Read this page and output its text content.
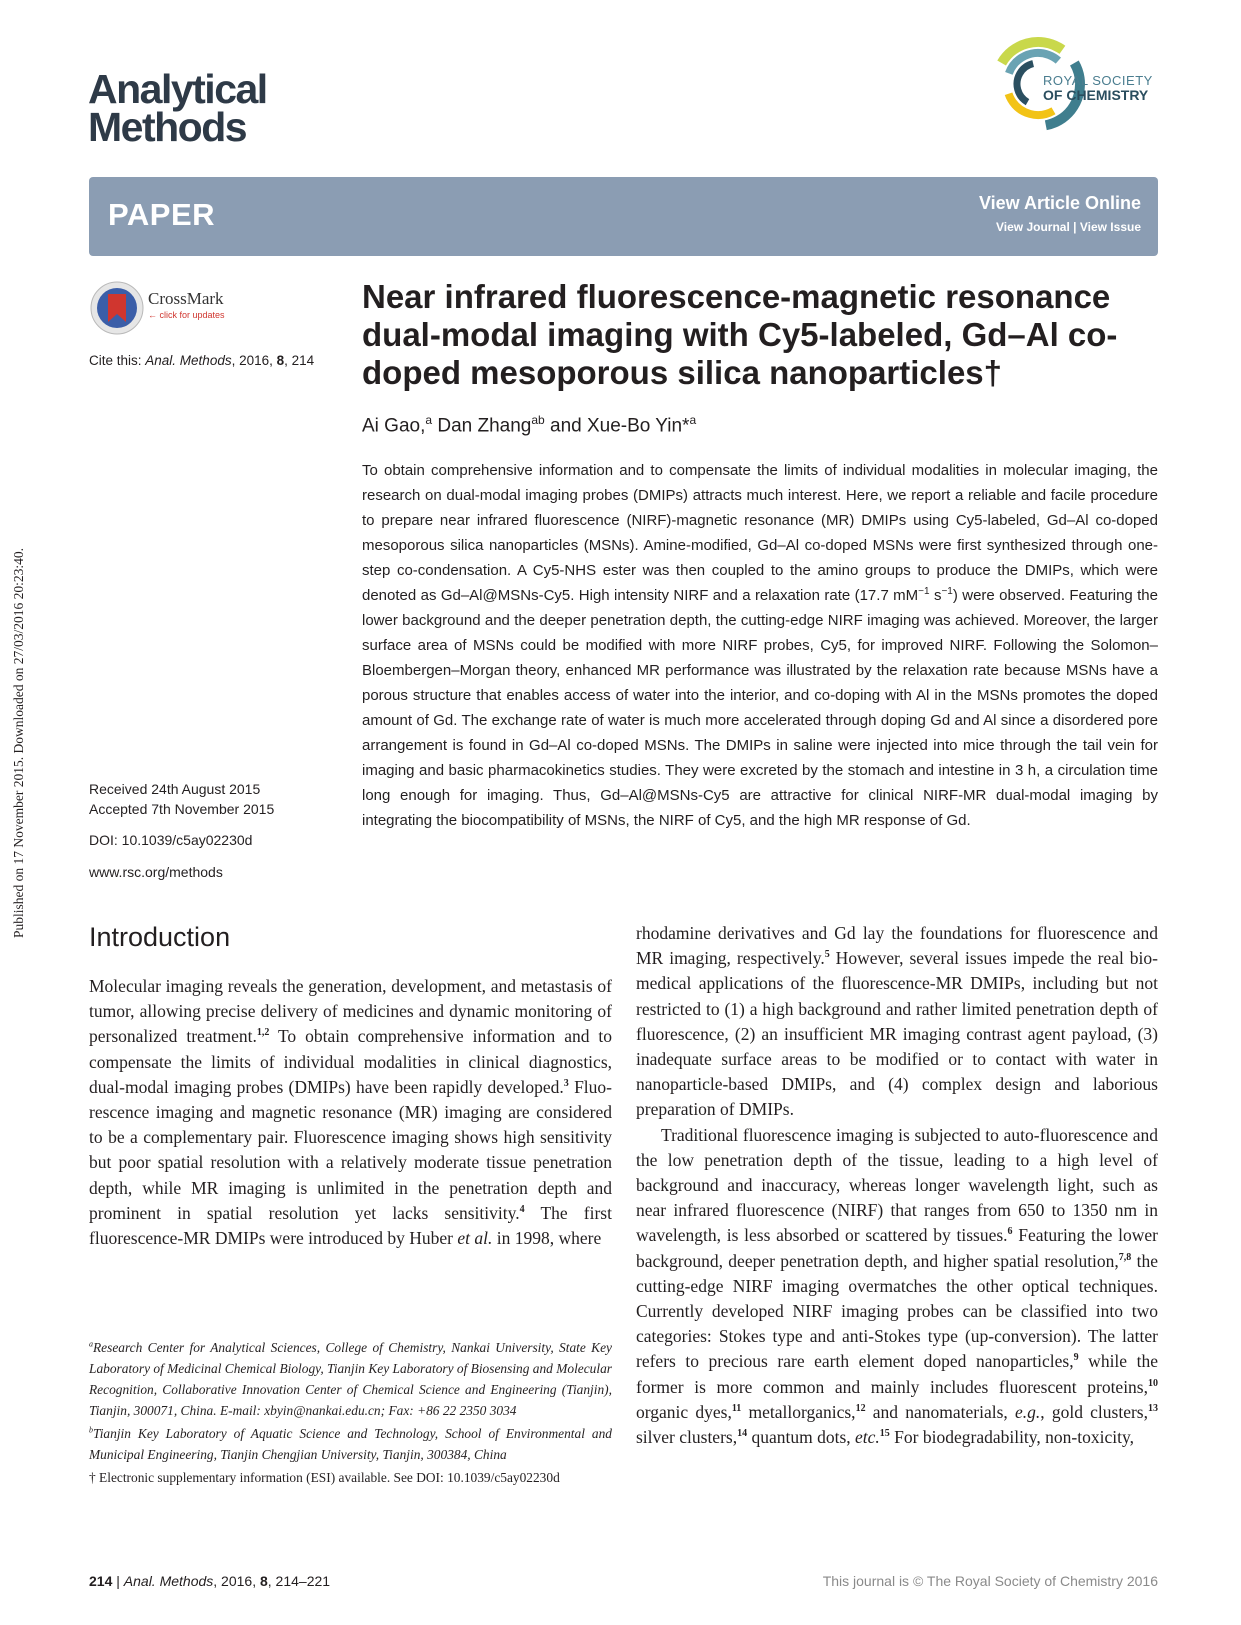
Analytical Methods
ROYAL SOCIETY
OF CHEMISTRY
PAPER	View Article Online
View Journal | View Issue
Published on 17 November 2015. Downloaded on 27/03/2016 20:23:40.
CrossMark
← click for updates
Cite this: Anal. Methods, 2016, 8, 214
Near infrared fluorescence-magnetic resonance
dual-modal imaging with Cy5-labeled, Gd–Al co-
doped mesoporous silica nanoparticles†
Ai Gao,$^a$ Dan Zhang$^{ab}$ and Xue-Bo Yin*$^a$
To obtain comprehensive information and to compensate the limits of individual modalities in molecular imaging, the research on dual-modal imaging probes (DMIPs) attracts much interest. Here, we report a reliable and facile procedure to prepare near infrared fluorescence (NIRF)-magnetic resonance (MR) DMIPs using Cy5-labeled, Gd–Al co-doped mesoporous silica nanoparticles (MSNs). Amine-modified, Gd–Al co-doped MSNs were first synthesized through one-step co-condensation. A Cy5-NHS ester was then coupled to the amino groups to produce the DMIPs, which were denoted as Gd–Al@MSNs-Cy5. High intensity NIRF and a relaxation rate (17.7 $mM^{-1}$ $s^{-1}$) were observed. Featuring the lower background and the deeper penetration depth, the cutting-edge NIRF imaging was achieved. Moreover, the larger surface area of MSNs could be modified with more NIRF probes, Cy5, for improved NIRF. Following the Solomon–Bloembergen–Morgan theory, enhanced MR performance was illustrated by the relaxation rate because MSNs have a porous structure that enables access of water into the interior, and co-doping with Al in the MSNs promotes the doped amount of Gd. The exchange rate of water is much more accelerated through doping Gd and Al since a disordered pore arrangement is found in Gd–Al co-doped MSNs. The DMIPs in saline were injected into mice through the tail vein for imaging and basic pharmacokinetics studies. They were excreted by the stomach and intestine in 3 h, a circulation time long enough for imaging. Thus, Gd–Al@MSNs-Cy5 are attractive for clinical NIRF-MR dual-modal imaging by integrating the biocompatibility of MSNs, the NIRF of Cy5, and the high MR response of Gd.
Received 24th August 2015
Accepted 7th November 2015
DOI: 10.1039/c5ay02230d
www.rsc.org/methods
Introduction

Molecular imaging reveals the generation, development, and metastasis of tumor, allowing precise delivery of medicines and dynamic monitoring of personalized treatment.$^{1,2}$ To obtain comprehensive information and to compensate the limits of individual modalities in clinical diagnostics, dual-modal imaging probes (DMIPs) have been rapidly developed.$^3$ Fluorescence imaging and magnetic resonance (MR) imaging are considered to be a complementary pair. Fluorescence imaging shows high sensitivity but poor spatial resolution with a relatively moderate tissue penetration depth, while MR imaging is unlimited in the penetration depth and prominent in spatial resolution yet lacks sensitivity.$^4$ The first fluorescence-MR DMIPs were introduced by Huber et al. in 1998, where

$^a$Research Center for Analytical Sciences, College of Chemistry, Nankai University, State Key Laboratory of Medicinal Chemical Biology, Tianjin Key Laboratory of Biosensing and Molecular Recognition, Collaborative Innovation Center of Chemical Science and Engineering (Tianjin), Tianjin, 300071, China. E-mail: xbyin@nankai.edu.cn; Fax: +86 22 2350 3034

$^b$Tianjin Key Laboratory of Aquatic Science and Technology, School of Environmental and Municipal Engineering, Tianjin Chengjian University, Tianjin, 300384, China

† Electronic supplementary information (ESI) available. See DOI: 10.1039/c5ay02230d

rhodamine derivatives and Gd lay the foundations for fluorescence and MR imaging, respectively.$^5$ However, several issues impede the real bio-medical applications of the fluorescence-MR DMIPs, including but not restricted to (1) a high background and rather limited penetration depth of fluorescence, (2) an insufficient MR imaging contrast agent payload, (3) inadequate surface areas to be modified or to contact with water in nanoparticle-based DMIPs, and (4) complex design and laborious preparation of DMIPs.

Traditional fluorescence imaging is subjected to auto-fluorescence and the low penetration depth of the tissue, leading to a high level of background and inaccuracy, whereas longer wavelength light, such as near infrared fluorescence (NIRF) that ranges from 650 to 1350 nm in wavelength, is less absorbed or scattered by tissues.$^6$ Featuring the lower background, deeper penetration depth, and higher spatial resolution,$^{7,8}$ the cutting-edge NIRF imaging overmatches the other optical techniques. Currently developed NIRF imaging probes can be classified into two categories: Stokes type and anti-Stokes type (up-conversion). The latter refers to precious rare earth element doped nanoparticles,$^9$ while the former is more common and mainly includes fluorescent proteins,$^{10}$ organic dyes,$^{11}$ metallorganics,$^{12}$ and nanomaterials, e.g., gold clusters,$^{13}$ silver clusters,$^{14}$ quantum dots, etc.$^{15}$ For biodegradability, non-toxicity,

214 | Anal. Methods, 2016, 8, 214–221	This journal is © The Royal Society of Chemistry 2016
